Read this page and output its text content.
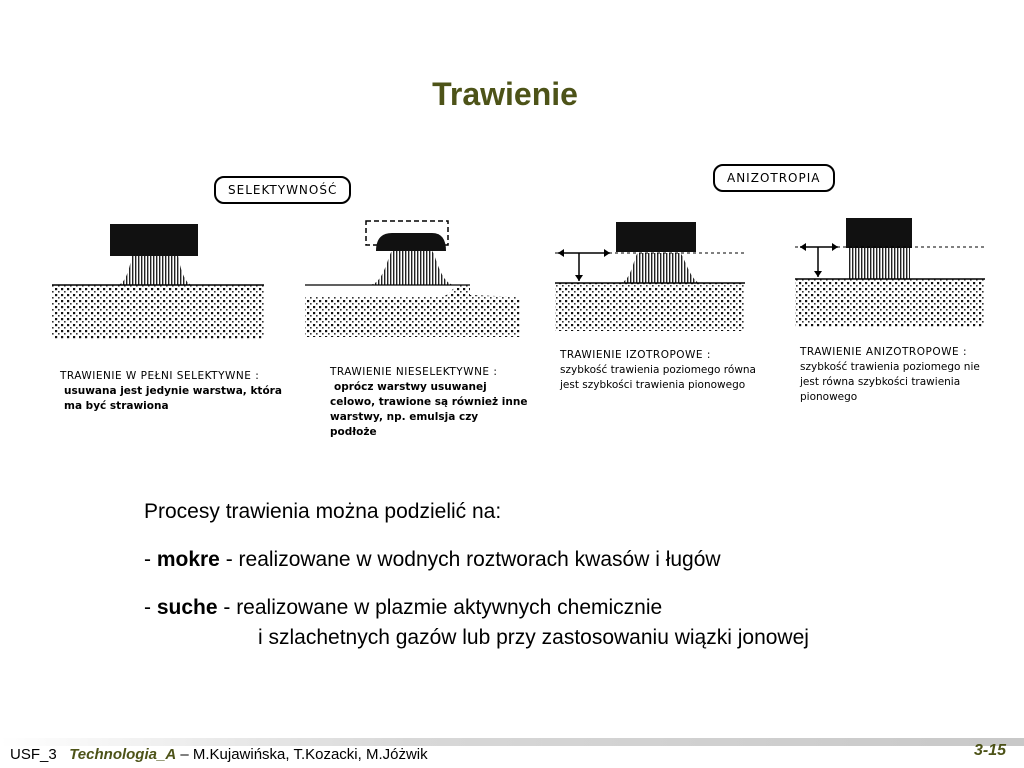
Trawienie
SELEKTYWNOŚĆ
ANIZOTROPIA
TRAWIENIE W PEŁNI SELEKTYWNE :
usuwana jest jedynie warstwa, która
ma być strawiona
TRAWIENIE NIESELEKTYWNE :
oprócz warstwy usuwanej
celowo, trawione są również inne
warstwy, np. emulsja czy
podłoże
TRAWIENIE IZOTROPOWE :
szybkość trawienia poziomego równa
jest szybkości trawienia pionowego
TRAWIENIE ANIZOTROPOWE :
szybkość trawienia poziomego nie
jest równa szybkości trawienia
pionowego

Procesy trawienia można podzielić na:

- mokre - realizowane w wodnych roztworach kwasów i ługów

- suche - realizowane w plazmie aktywnych chemicznie
i szlachetnych gazów lub przy zastosowaniu wiązki jonowej

USF_3 Technologia_A – M.Kujawińska, T.Kozacki, M.Jóżwik	3-15
